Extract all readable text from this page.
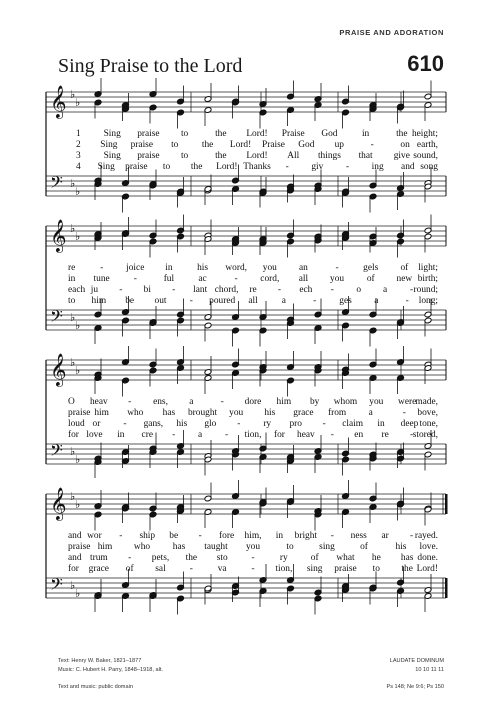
PRAISE AND ADORATION
Sing Praise to the Lord	610
𝄞
𝄢
♭
♭
♭
♭
1 Sing praise to	the Lord! Praise God	in	the height;
2 Sing praise to	the Lord! Praise God up	-	on earth,
3 Sing praise to	the Lord! All things that give sound,
4 Sing praise to the Lord! Thanks - giv - ing and song
𝄞
𝄢
♭
♭
♭
♭
re	- joice in	his word, you an	-	gels of light;
in tune	-	ful	ac	- cord, all you of new birth;
each ju - bi - lant chord, re - ech - o a - round;
to him be out - poured all	a	- ges a	- long;
𝄞
𝄢
♭
♭
♭
♭
O heav - ens, a	- dore him by whom you were made,
praise him who has brought you his grace from a	- bove,
loud or - gans, his glo - ry pro - claim in deep tone,
for love in cre - a - tion, for heav - en re - stored,
𝄞
𝄢
♭
♭
♭
♭
and wor - ship be - fore him, in bright - ness ar - rayed.
praise him who has taught you	to	sing	of	his love.
and trum - pets, the sto	-	ry of what he has done.
for grace of sal	-	va	- tion, sing praise to the Lord!
Text: Henry W. Baker, 1821–1877
Music: C. Hubert H. Parry, 1848–1918, alt.
Text and music: public domain
LAUDATE DOMINUM
10 10 11 11
Ps 148; Ne 9:6; Ps 150
